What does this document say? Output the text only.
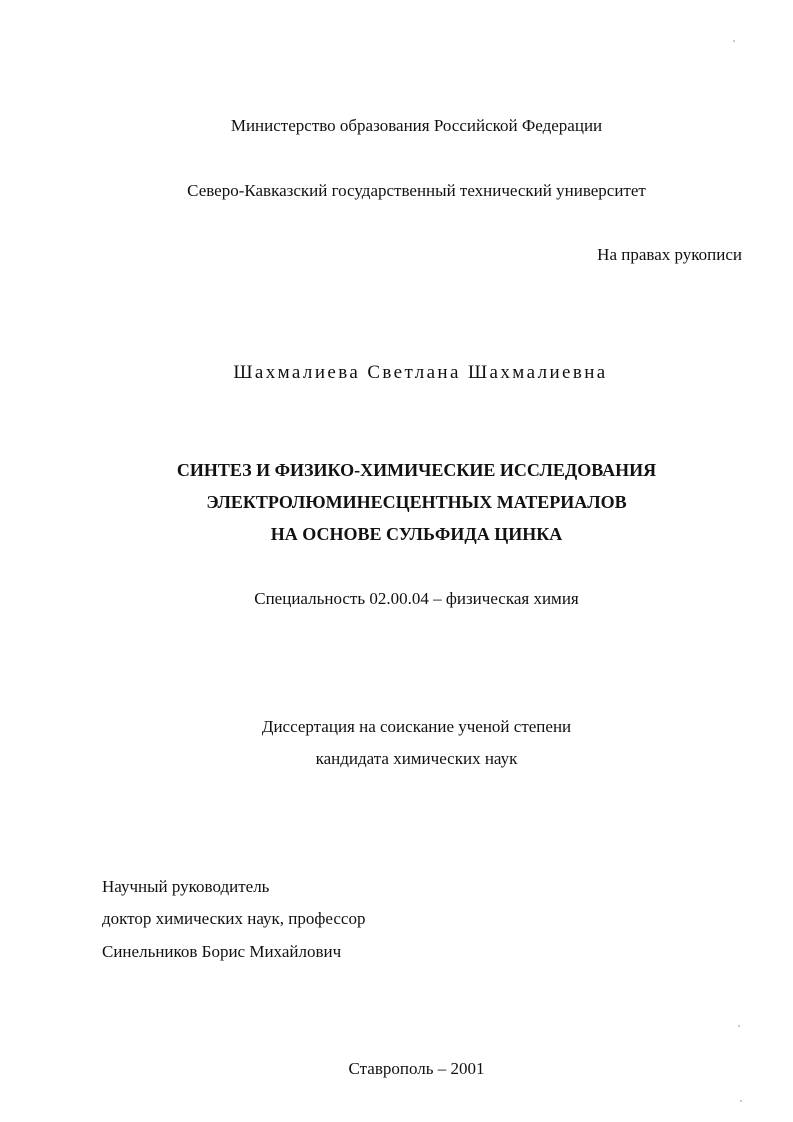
Министерство образования Российской Федерации
Северо-Кавказский государственный технический университет
На правах рукописи
Шахмалиева Светлана Шахмалиевна
СИНТЕЗ И ФИЗИКО-ХИМИЧЕСКИЕ ИССЛЕДОВАНИЯ
ЭЛЕКТРОЛЮМИНЕСЦЕНТНЫХ МАТЕРИАЛОВ
НА ОСНОВЕ СУЛЬФИДА ЦИНКА
Специальность 02.00.04 – физическая химия
Диссертация на соискание ученой степени
кандидата химических наук
Научный руководитель
доктор химических наук, профессор
Синельников Борис Михайлович
Ставрополь – 2001
